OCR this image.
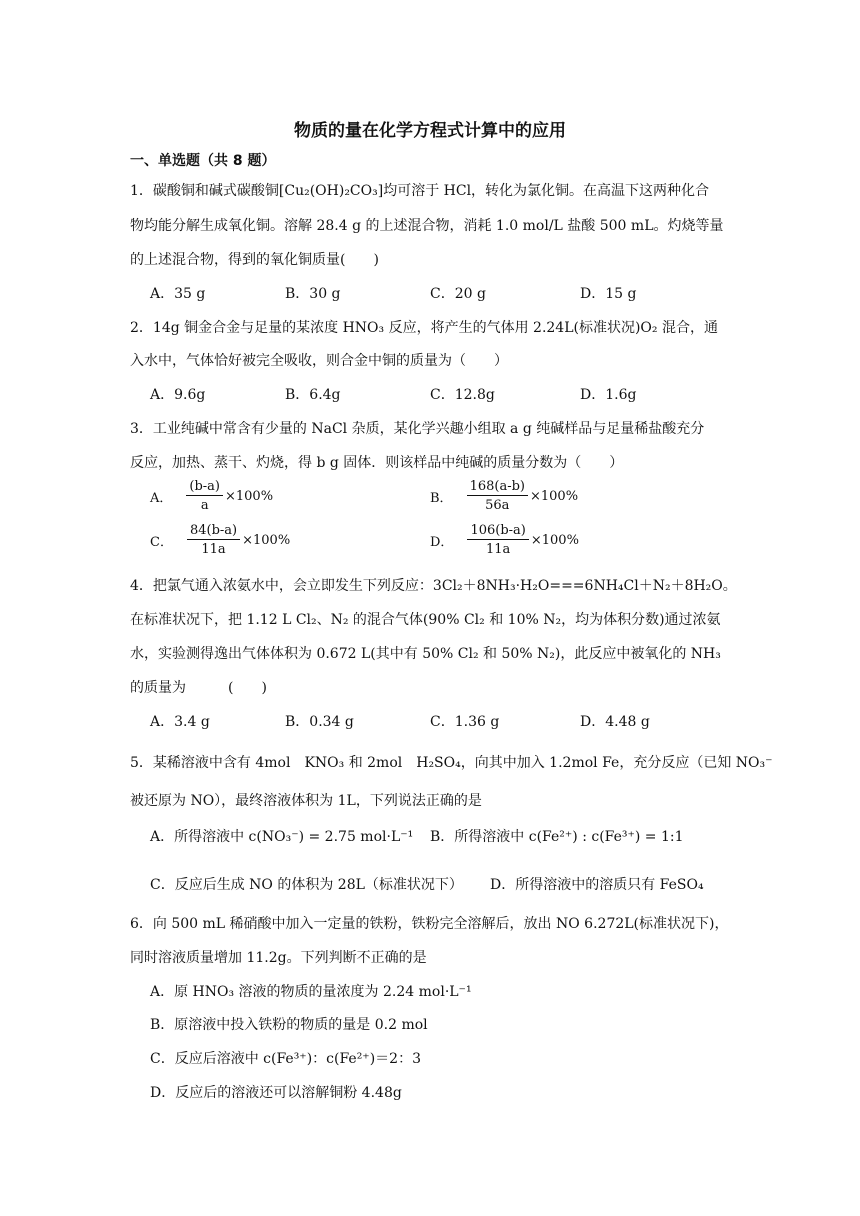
物质的量在化学方程式计算中的应用
一、单选题（共 8 题）
1．碳酸铜和碱式碳酸铜[Cu₂(OH)₂CO₃]均可溶于 HCl，转化为氯化铜。在高温下这两种化合
物均能分解生成氧化铜。溶解 28.4 g 的上述混合物，消耗 1.0 mol/L 盐酸 500 mL。灼烧等量
的上述混合物，得到的氧化铜质量(　　)
A．35 g	B．30 g	C．20 g	D．15 g
2．14g 铜金合金与足量的某浓度 HNO₃ 反应，将产生的气体用 2.24L(标准状况)O₂ 混合，通
入水中，气体恰好被完全吸收，则合金中铜的质量为（　　）
A．9.6g	B．6.4g	C．12.8g	D．1.6g
3．工业纯碱中常含有少量的 NaCl 杂质，某化学兴趣小组取 a g 纯碱样品与足量稀盐酸充分
反应，加热、蒸干、灼烧，得 b g 固体．则该样品中纯碱的质量分数为（　　）
A． $\frac{(b-a)}{a} \times 100\%$	B． $\frac{168(a-b)}{56a} \times 100\%$
C． $\frac{84(b-a)}{11a} \times 100\%$	D． $\frac{106(b-a)}{11a} \times 100\%$
4．把氯气通入浓氨水中，会立即发生下列反应：3Cl₂＋8NH₃·H₂O===6NH₄Cl＋N₂＋8H₂O。
在标准状况下，把 1.12 L Cl₂、N₂ 的混合气体(90% Cl₂ 和 10% N₂，均为体积分数)通过浓氨
水，实验测得逸出气体体积为 0.672 L(其中有 50% Cl₂ 和 50% N₂)，此反应中被氧化的 NH₃
的质量为　　　(　　)
A．3.4 g	B．0.34 g	C．1.36 g	D．4.48 g
5．某稀溶液中含有 4mol　KNO₃ 和 2mol　H₂SO₄，向其中加入 1.2mol Fe，充分反应（已知 NO₃⁻
被还原为 NO），最终溶液体积为 1L，下列说法正确的是
A．所得溶液中 c(NO₃⁻) = 2.75 mol·L⁻¹ B．所得溶液中 c(Fe²⁺) : c(Fe³⁺) = 1:1
C．反应后生成 NO 的体积为 28L（标准状况下） D．所得溶液中的溶质只有 FeSO₄
6．向 500 mL 稀硝酸中加入一定量的铁粉，铁粉完全溶解后，放出 NO 6.272L(标准状况下)，
同时溶液质量增加 11.2g。下列判断不正确的是
A．原 HNO₃ 溶液的物质的量浓度为 2.24 mol·L⁻¹
B．原溶液中投入铁粉的物质的量是 0.2 mol
C．反应后溶液中 c(Fe³⁺)：c(Fe²⁺)＝2：3
D．反应后的溶液还可以溶解铜粉 4.48g
